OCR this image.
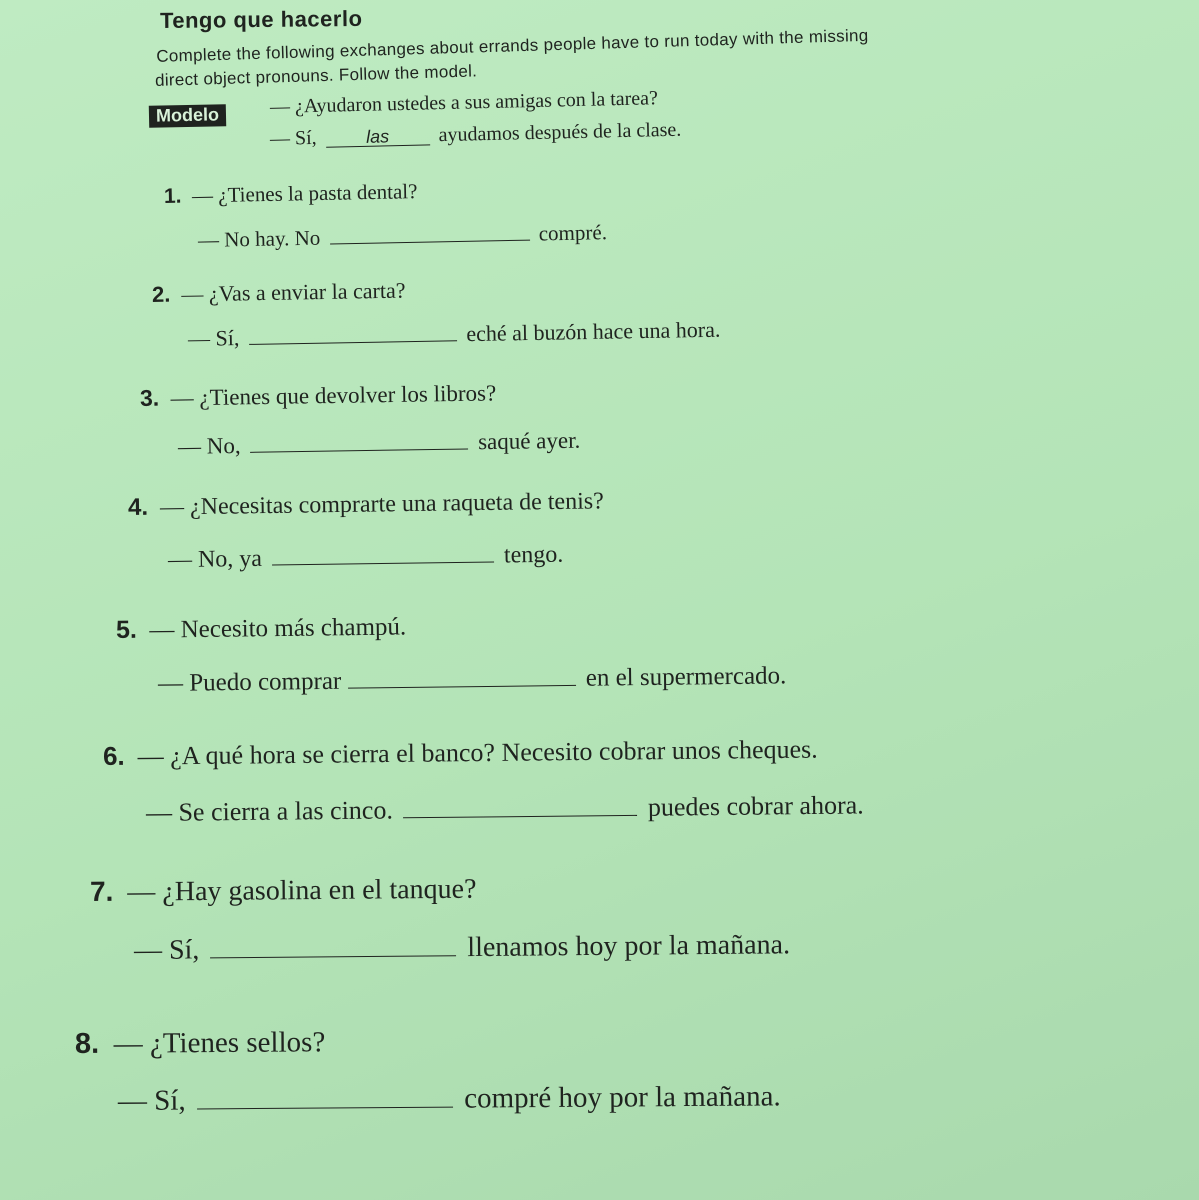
Tengo que hacerlo
Complete the following exchanges about errands people have to run today with the missing
direct object pronouns. Follow the model.
Modelo	— ¿Ayudaron ustedes a sus amigas con la tarea?
— Sí,	las ayudamos después de la clase.
1. — ¿Tienes la pasta dental?
— No hay. No	compré.
2. — ¿Vas a enviar la carta?
— Sí,	eché al buzón hace una hora.
3. — ¿Tienes que devolver los libros?
— No,	saqué ayer.
4. — ¿Necesitas comprarte una raqueta de tenis?
— No, ya	tengo.
5. — Necesito más champú.
— Puedo comprar	en el supermercado.
6. — ¿A qué hora se cierra el banco? Necesito cobrar unos cheques.
— Se cierra a las cinco.	puedes cobrar ahora.
7. — ¿Hay gasolina en el tanque?
— Sí,	llenamos hoy por la mañana.
8. — ¿Tienes sellos?
— Sí,	compré hoy por la mañana.
